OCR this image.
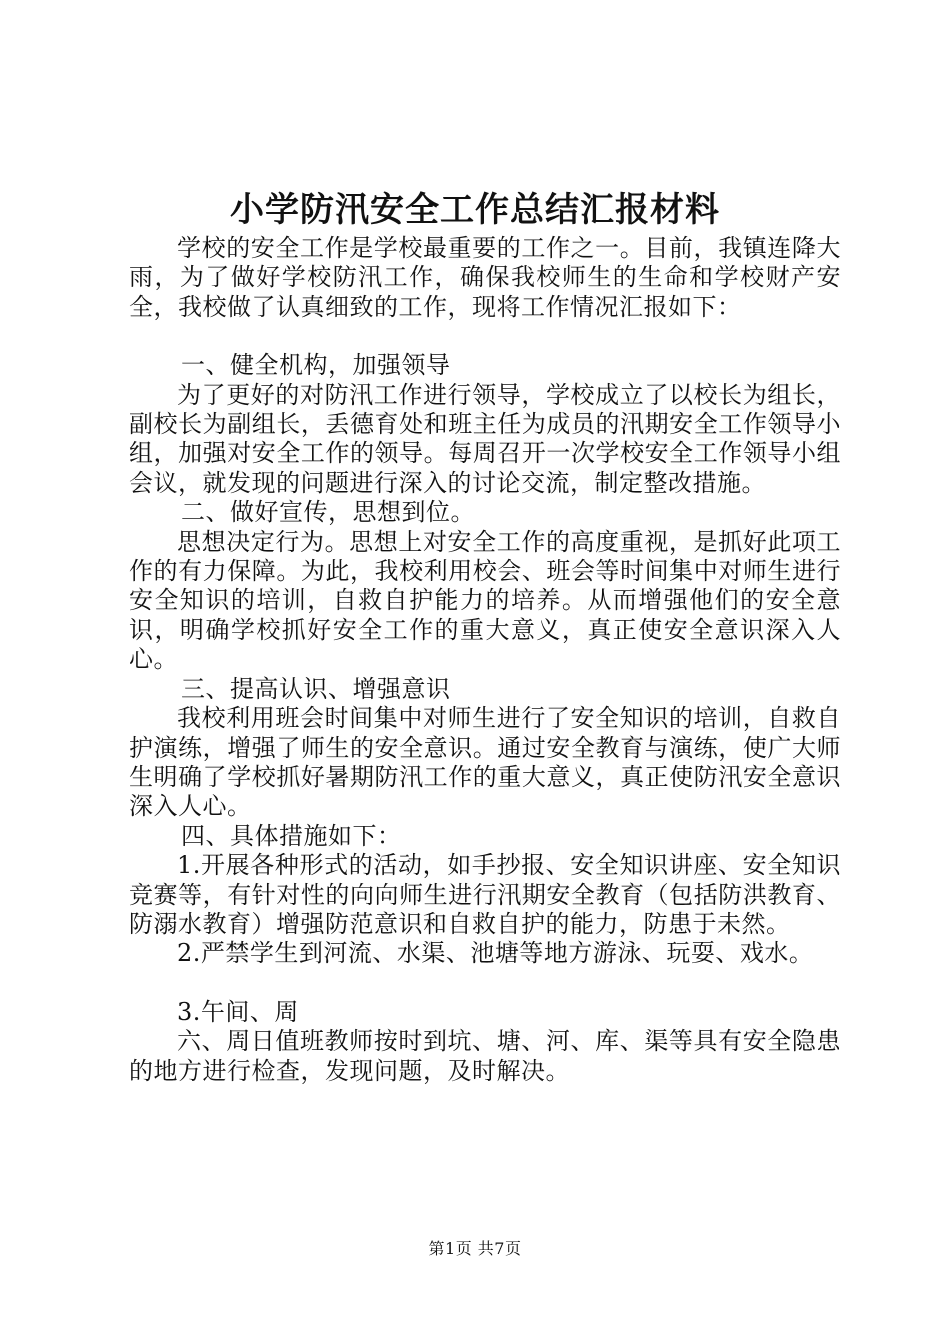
小学防汛安全工作总结汇报材料

学校的安全工作是学校最重要的工作之一。目前，我镇连降大雨，为了做好学校防汛工作，确保我校师生的生命和学校财产安全，我校做了认真细致的工作，现将工作情况汇报如下：

一、健全机构，加强领导

为了更好的对防汛工作进行领导，学校成立了以校长为组长，副校长为副组长，丢德育处和班主任为成员的汛期安全工作领导小组，加强对安全工作的领导。每周召开一次学校安全工作领导小组会议，就发现的问题进行深入的讨论交流，制定整改措施。

二、做好宣传，思想到位。

思想决定行为。思想上对安全工作的高度重视，是抓好此项工作的有力保障。为此，我校利用校会、班会等时间集中对师生进行安全知识的培训，自救自护能力的培养。从而增强他们的安全意识，明确学校抓好安全工作的重大意义，真正使安全意识深入人心。

三、提高认识、增强意识

我校利用班会时间集中对师生进行了安全知识的培训，自救自护演练，增强了师生的安全意识。通过安全教育与演练，使广大师生明确了学校抓好暑期防汛工作的重大意义，真正使防汛安全意识深入人心。

四、具体措施如下：

1.开展各种形式的活动，如手抄报、安全知识讲座、安全知识竞赛等，有针对性的向向师生进行汛期安全教育（包括防洪教育、防溺水教育）增强防范意识和自救自护的能力，防患于未然。

2.严禁学生到河流、水渠、池塘等地方游泳、玩耍、戏水。

3.午间、周

六、周日值班教师按时到坑、塘、河、库、渠等具有安全隐患的地方进行检查，发现问题，及时解决。

第1页 共7页
